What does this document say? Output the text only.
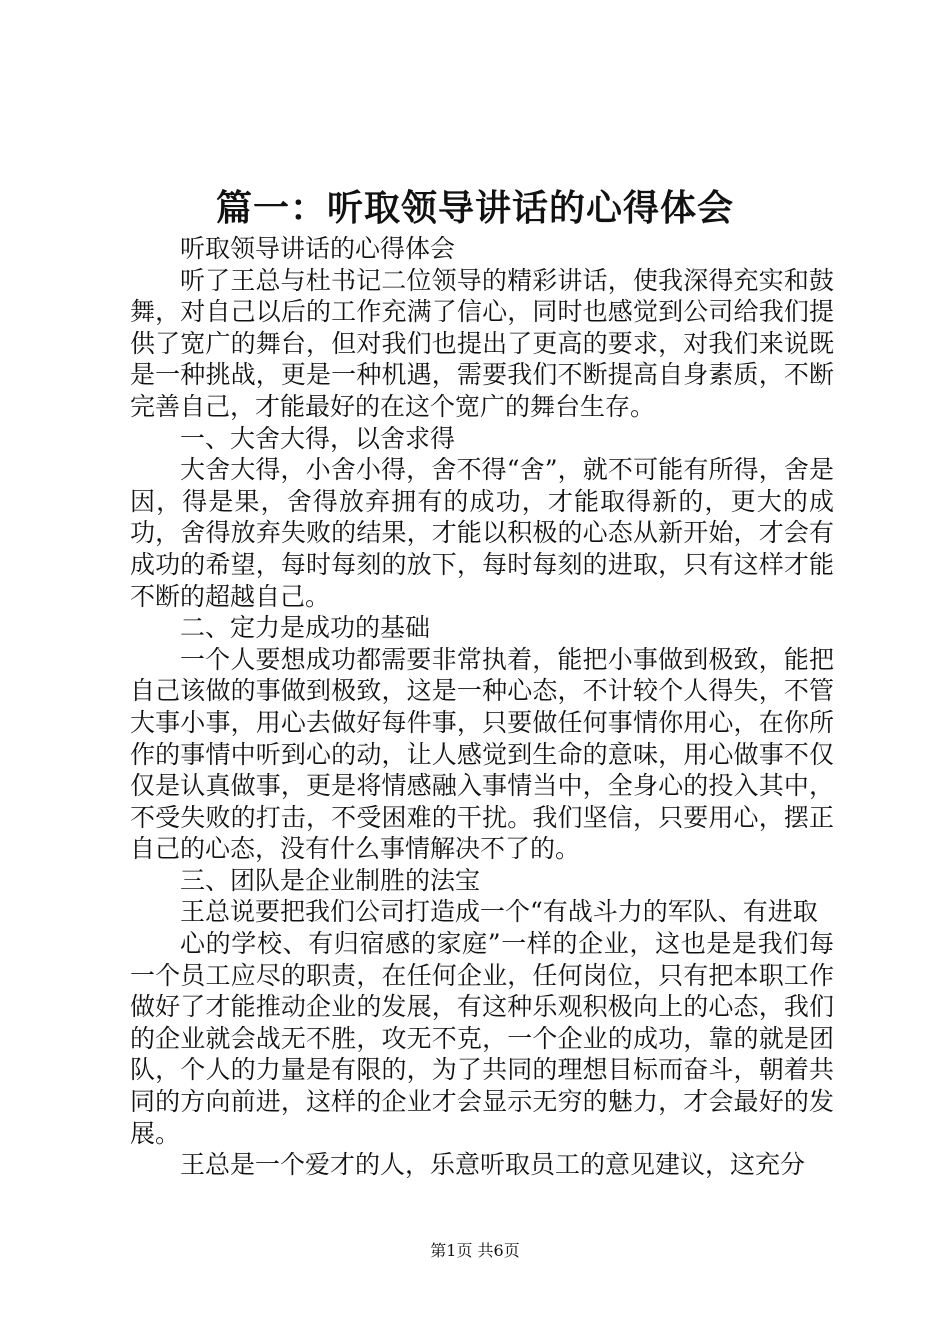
篇一：听取领导讲话的心得体会

听取领导讲话的心得体会

听了王总与杜书记二位领导的精彩讲话，使我深得充实和鼓舞，对自己以后的工作充满了信心，同时也感觉到公司给我们提供了宽广的舞台，但对我们也提出了更高的要求，对我们来说既是一种挑战，更是一种机遇，需要我们不断提高自身素质，不断完善自己，才能最好的在这个宽广的舞台生存。

一、大舍大得，以舍求得

大舍大得，小舍小得，舍不得“舍”，就不可能有所得，舍是因，得是果，舍得放弃拥有的成功，才能取得新的，更大的成功，舍得放弃失败的结果，才能以积极的心态从新开始，才会有成功的希望，每时每刻的放下，每时每刻的进取，只有这样才能不断的超越自己。

二、定力是成功的基础

一个人要想成功都需要非常执着，能把小事做到极致，能把自己该做的事做到极致，这是一种心态，不计较个人得失，不管大事小事，用心去做好每件事，只要做任何事情你用心，在你所作的事情中听到心的动，让人感觉到生命的意味，用心做事不仅仅是认真做事，更是将情感融入事情当中，全身心的投入其中，不受失败的打击，不受困难的干扰。我们坚信，只要用心，摆正自己的心态，没有什么事情解决不了的。

三、团队是企业制胜的法宝

王总说要把我们公司打造成一个“有战斗力的军队、有进取

心的学校、有归宿感的家庭”一样的企业，这也是是我们每一个员工应尽的职责，在任何企业，任何岗位，只有把本职工作做好了才能推动企业的发展，有这种乐观积极向上的心态，我们的企业就会战无不胜，攻无不克，一个企业的成功，靠的就是团队，个人的力量是有限的，为了共同的理想目标而奋斗，朝着共同的方向前进，这样的企业才会显示无穷的魅力，才会最好的发展。

王总是一个爱才的人，乐意听取员工的意见建议，这充分

第1页 共6页
